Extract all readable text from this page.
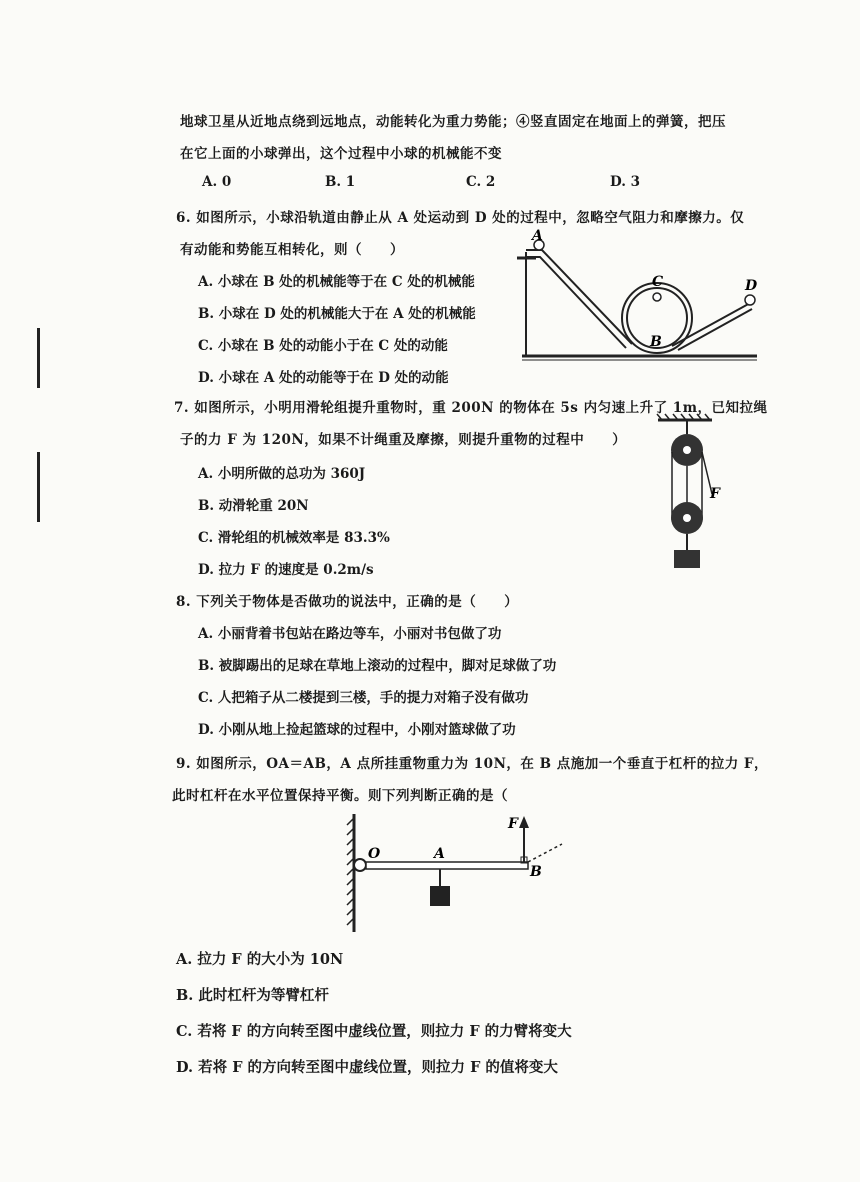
地球卫星从近地点绕到远地点，动能转化为重力势能；④竖直固定在地面上的弹簧，把压
在它上面的小球弹出，这个过程中小球的机械能不变
A. 0	B. 1	C. 2	D. 3
6. 如图所示，小球沿轨道由静止从 A 处运动到 D 处的过程中，忽略空气阻力和摩擦力。仅
有动能和势能互相转化，则（　　）
A. 小球在 B 处的机械能等于在 C 处的机械能
B. 小球在 D 处的机械能大于在 A 处的机械能
C. 小球在 B 处的动能小于在 C 处的动能
D. 小球在 A 处的动能等于在 D 处的动能
A
C
B
D
7. 如图所示，小明用滑轮组提升重物时，重 200N 的物体在 5s 内匀速上升了 1m，已知拉绳
子的力 F 为 120N，如果不计绳重及摩擦，则提升重物的过程中　　）
A. 小明所做的总功为 360J
B. 动滑轮重 20N
C. 滑轮组的机械效率是 83.3%
D. 拉力 F 的速度是 0.2m/s
F
8. 下列关于物体是否做功的说法中，正确的是（　　）
A. 小丽背着书包站在路边等车，小丽对书包做了功
B. 被脚踢出的足球在草地上滚动的过程中，脚对足球做了功
C. 人把箱子从二楼提到三楼，手的提力对箱子没有做功
D. 小刚从地上捡起篮球的过程中，小刚对篮球做了功
9. 如图所示，OA＝AB，A 点所挂重物重力为 10N，在 B 点施加一个垂直于杠杆的拉力 F，
此时杠杆在水平位置保持平衡。则下列判断正确的是（
O	A
B
F
A. 拉力 F 的大小为 10N
B. 此时杠杆为等臂杠杆
C. 若将 F 的方向转至图中虚线位置，则拉力 F 的力臂将变大
D. 若将 F 的方向转至图中虚线位置，则拉力 F 的值将变大
